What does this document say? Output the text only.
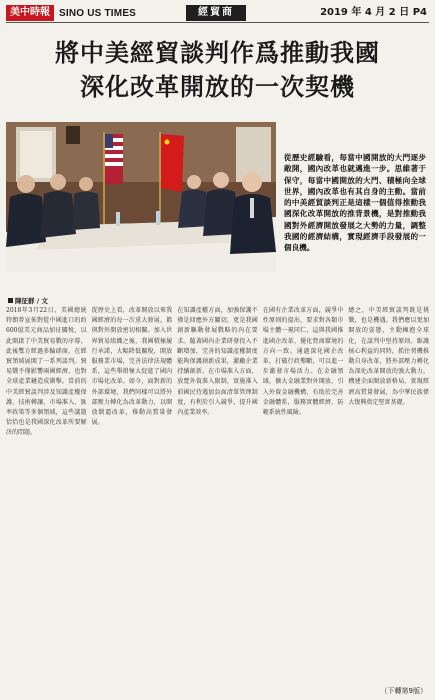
美中時報 SINO US TIMES	經貿商	2019 年 4 月 2 日 P4
將中美經貿談判作爲推動我國
深化改革開放的一次契機
從歷史經驗看，每當中國開放的大門逐步敞開，國內改革也就邁進一步。思維著于保守，每當中國開放的大門、積極向全球世界，國內改革也有其自身的主動。當前的中美經貿談判正是這樣一個值得推動我國深化改革開放的推背景機，是對推動我國對外經濟開放發展之大勢的力量，調整我國的經濟結構，實現經濟手段發展的一個良機。
陳征群 / 文
2018年3月22日，美國總統特朗普宣佈對從中國進口的約600億美元商品加征關稅，以此開啟了中美貿易戰的序幕。此後雙方經過多輪磋商，在經貿領域展開了一系列談判。貿易戰不僅影響兩國經濟，也對全球產業鏈造成衝擊。當前的中美經貿談判涉及知識產權保護、技術轉讓、市場准入、匯率政策等多個領域，這些議題恰恰也是我國深化改革所要解決的問題。
從歷史上看，改革開放以來我國經濟的每一次重大發展，都與對外開放密切相關。加入世界貿易組織之後，我國積極履行承諾，大幅降低關稅，開放服務業市場，完善法律法規體系，這些舉措極大促進了國內市場化改革。如今，面對新的外部環境，我們同樣可以將外部壓力轉化為改革動力，以開放倒逼改革，推動高質量發展。
在知識產權方面，加強保護不僅是回應外方關切，更是我國創新驅動發展戰略的內在要求。隨著國內企業研發投入不斷增加，完善的知識產權制度能夠保護創新成果，激勵企業持續創新。在市場准入方面，放寬外資准入限制，實施准入前國民待遇加負面清單管理制度，有利於引入競爭，提升國內產業效率。
在國有企業改革方面，競爭中性原則的提出，要求對各類市場主體一視同仁，這與我國推進國企改革、優化營商環境的方向一致。通過深化國企改革，打破行政壟斷，可以進一步激發市場活力。在金融領域，擴大金融業對外開放，引入外資金融機構，有助於完善金融體系，服務實體經濟，防範系統性風險。
總之，中美經貿談判既是挑戰，也是機遇。我們應以更加開放的姿態，主動擁抱全球化，在談判中堅持原則、維護核心利益的同時，抓住契機推動自身改革，將外部壓力轉化為深化改革開放的強大動力，構建全面開放新格局，實現經濟高質量發展，為中華民族偉大復興奠定堅實基礎。
（下轉第9版）
